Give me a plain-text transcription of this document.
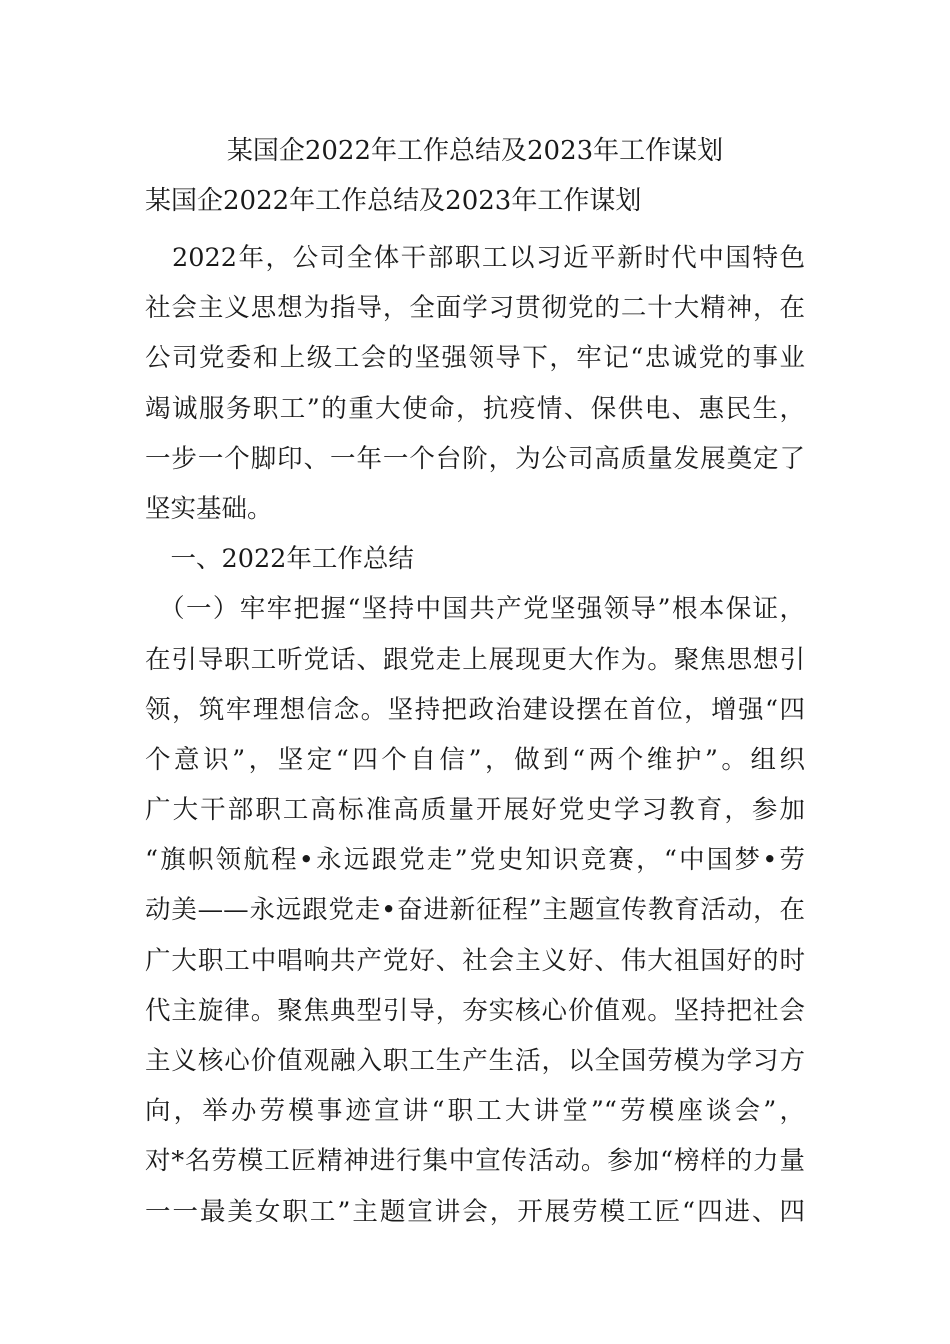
某国企2022年工作总结及2023年工作谋划
某国企2022年工作总结及2023年工作谋划
　2022年，公司全体干部职工以习近平新时代中国特色
社会主义思想为指导，全面学习贯彻党的二十大精神，在
公司党委和上级工会的坚强领导下，牢记“忠诚党的事业
竭诚服务职工”的重大使命，抗疫情、保供电、惠民生，
一步一个脚印、一年一个台阶，为公司高质量发展奠定了
坚实基础。
　一、2022年工作总结
　（一）牢牢把握“坚持中国共产党坚强领导”根本保证，
在引导职工听党话、跟党走上展现更大作为。聚焦思想引
领，筑牢理想信念。坚持把政治建设摆在首位，增强“四
个意识”，坚定“四个自信”，做到“两个维护”。组织
广大干部职工高标准高质量开展好党史学习教育，参加
“旗帜领航程•永远跟党走”党史知识竞赛，“中国梦•劳
动美——永远跟党走•奋进新征程”主题宣传教育活动，在
广大职工中唱响共产党好、社会主义好、伟大祖国好的时
代主旋律。聚焦典型引导，夯实核心价值观。坚持把社会
主义核心价值观融入职工生产生活，以全国劳模为学习方
向，举办劳模事迹宣讲“职工大讲堂”“劳模座谈会”，
对*名劳模工匠精神进行集中宣传活动。参加“榜样的力量
一一最美女职工”主题宣讲会，开展劳模工匠“四进、四
